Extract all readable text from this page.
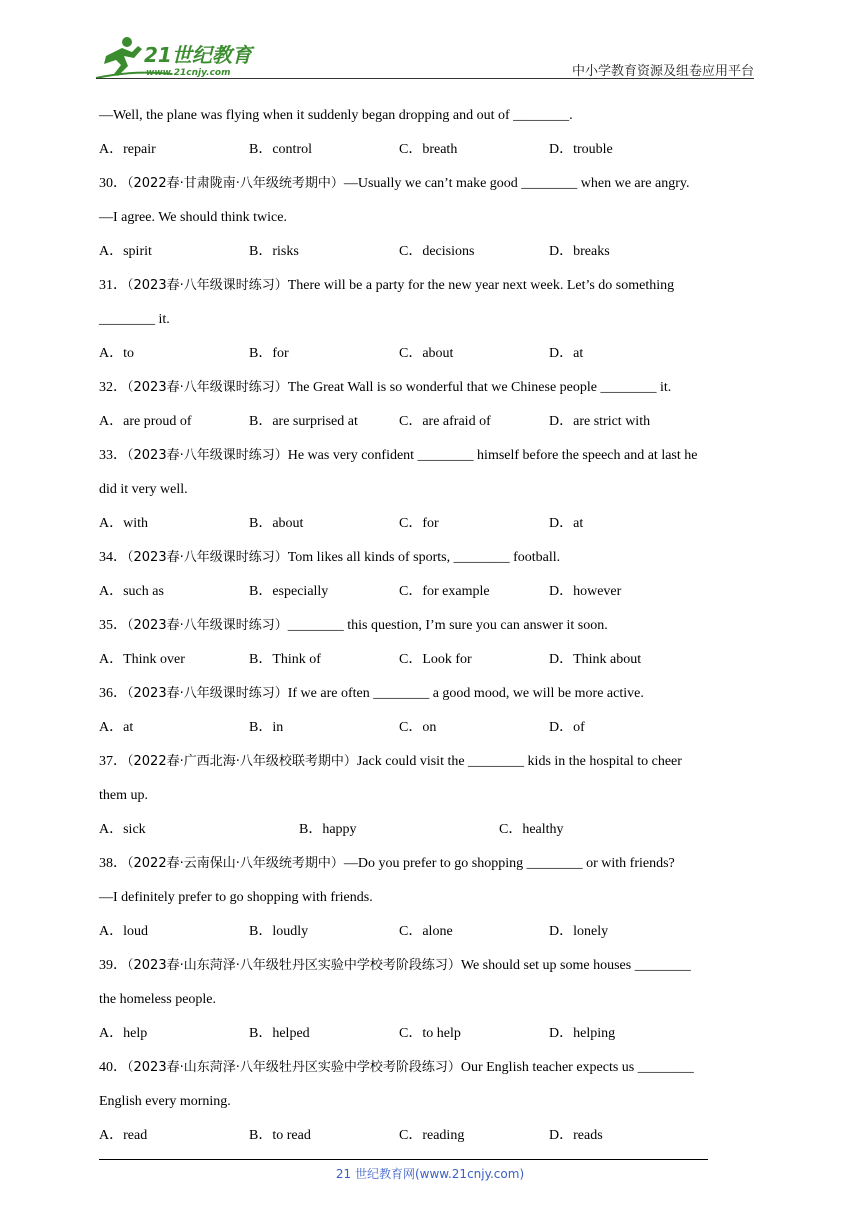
21世纪教育
www.21cnjy.com	中小学教育资源及组卷应用平台
—Well, the plane was flying when it suddenly began dropping and out of ________.
A．repair	B．control	C．breath	D．trouble
30．（2022春·甘肃陇南·八年级统考期中）—Usually we can’t make good ________ when we are angry.
—I agree. We should think twice.
A．spirit	B．risks	C．decisions	D．breaks
31．（2023春·八年级课时练习）There will be a party for the new year next week. Let’s do something
________ it.
A．to	B．for	C．about	D．at
32．（2023春·八年级课时练习）The Great Wall is so wonderful that we Chinese people ________ it.
A．are proud of	B．are surprised at	C．are afraid of	D．are strict with
33．（2023春·八年级课时练习）He was very confident ________ himself before the speech and at last he
did it very well.
A．with	B．about	C．for	D．at
34．（2023春·八年级课时练习）Tom likes all kinds of sports, ________ football.
A．such as	B．especially	C．for example	D．however
35．（2023春·八年级课时练习）________ this question, I’m sure you can answer it soon.
A．Think over	B．Think of	C．Look for	D．Think about
36．（2023春·八年级课时练习）If we are often ________ a good mood, we will be more active.
A．at	B．in	C．on	D．of
37．（2022春·广西北海·八年级校联考期中）Jack could visit the ________ kids in the hospital to cheer
them up.
A．sick	B．happy	C．healthy
38．（2022春·云南保山·八年级统考期中）—Do you prefer to go shopping ________ or with friends?
—I definitely prefer to go shopping with friends.
A．loud	B．loudly	C．alone	D．lonely
39．（2023春·山东菏泽·八年级牡丹区实验中学校考阶段练习）We should set up some houses ________
the homeless people.
A．help	B．helped	C．to help	D．helping
40．（2023春·山东菏泽·八年级牡丹区实验中学校考阶段练习）Our English teacher expects us ________
English every morning.
A．read	B．to read	C．reading	D．reads
21 世纪教育网(www.21cnjy.com)
